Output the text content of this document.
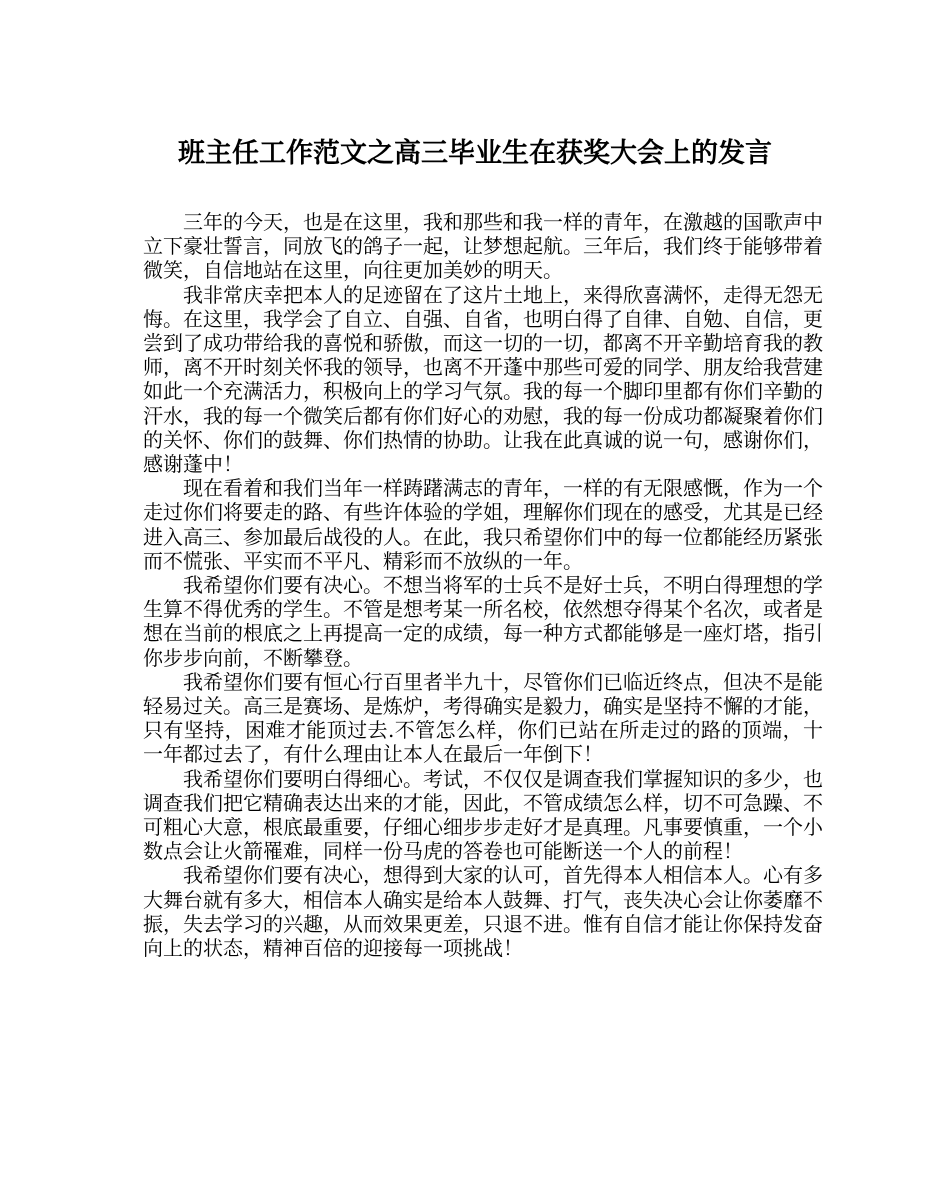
班主任工作范文之高三毕业生在获奖大会上的发言

三年的今天，也是在这里，我和那些和我一样的青年，在激越的国歌声中立下豪壮誓言，同放飞的鸽子一起，让梦想起航。三年后，我们终于能够带着微笑，自信地站在这里，向往更加美妙的明天。

我非常庆幸把本人的足迹留在了这片土地上，来得欣喜满怀，走得无怨无悔。在这里，我学会了自立、自强、自省，也明白得了自律、自勉、自信，更尝到了成功带给我的喜悦和骄傲，而这一切的一切，都离不开辛勤培育我的教师，离不开时刻关怀我的领导，也离不开蓬中那些可爱的同学、朋友给我营建如此一个充满活力，积极向上的学习气氛。我的每一个脚印里都有你们辛勤的汗水，我的每一个微笑后都有你们好心的劝慰，我的每一份成功都凝聚着你们的关怀、你们的鼓舞、你们热情的协助。让我在此真诚的说一句，感谢你们，感谢蓬中！

现在看着和我们当年一样踌躇满志的青年，一样的有无限感慨，作为一个走过你们将要走的路、有些许体验的学姐，理解你们现在的感受，尤其是已经进入高三、参加最后战役的人。在此，我只希望你们中的每一位都能经历紧张而不慌张、平实而不平凡、精彩而不放纵的一年。

我希望你们要有决心。不想当将军的士兵不是好士兵，不明白得理想的学生算不得优秀的学生。不管是想考某一所名校，依然想夺得某个名次，或者是想在当前的根底之上再提高一定的成绩，每一种方式都能够是一座灯塔，指引你步步向前，不断攀登。

我希望你们要有恒心行百里者半九十，尽管你们已临近终点，但决不是能轻易过关。高三是赛场、是炼炉，考得确实是毅力，确实是坚持不懈的才能，只有坚持，困难才能顶过去.不管怎么样，你们已站在所走过的路的顶端，十一年都过去了，有什么理由让本人在最后一年倒下！

我希望你们要明白得细心。考试，不仅仅是调查我们掌握知识的多少，也调查我们把它精确表达出来的才能，因此，不管成绩怎么样，切不可急躁、不可粗心大意，根底最重要，仔细心细步步走好才是真理。凡事要慎重，一个小数点会让火箭罹难，同样一份马虎的答卷也可能断送一个人的前程！

我希望你们要有决心，想得到大家的认可，首先得本人相信本人。心有多大舞台就有多大，相信本人确实是给本人鼓舞、打气，丧失决心会让你萎靡不振，失去学习的兴趣，从而效果更差，只退不进。惟有自信才能让你保持发奋向上的状态，精神百倍的迎接每一项挑战！
